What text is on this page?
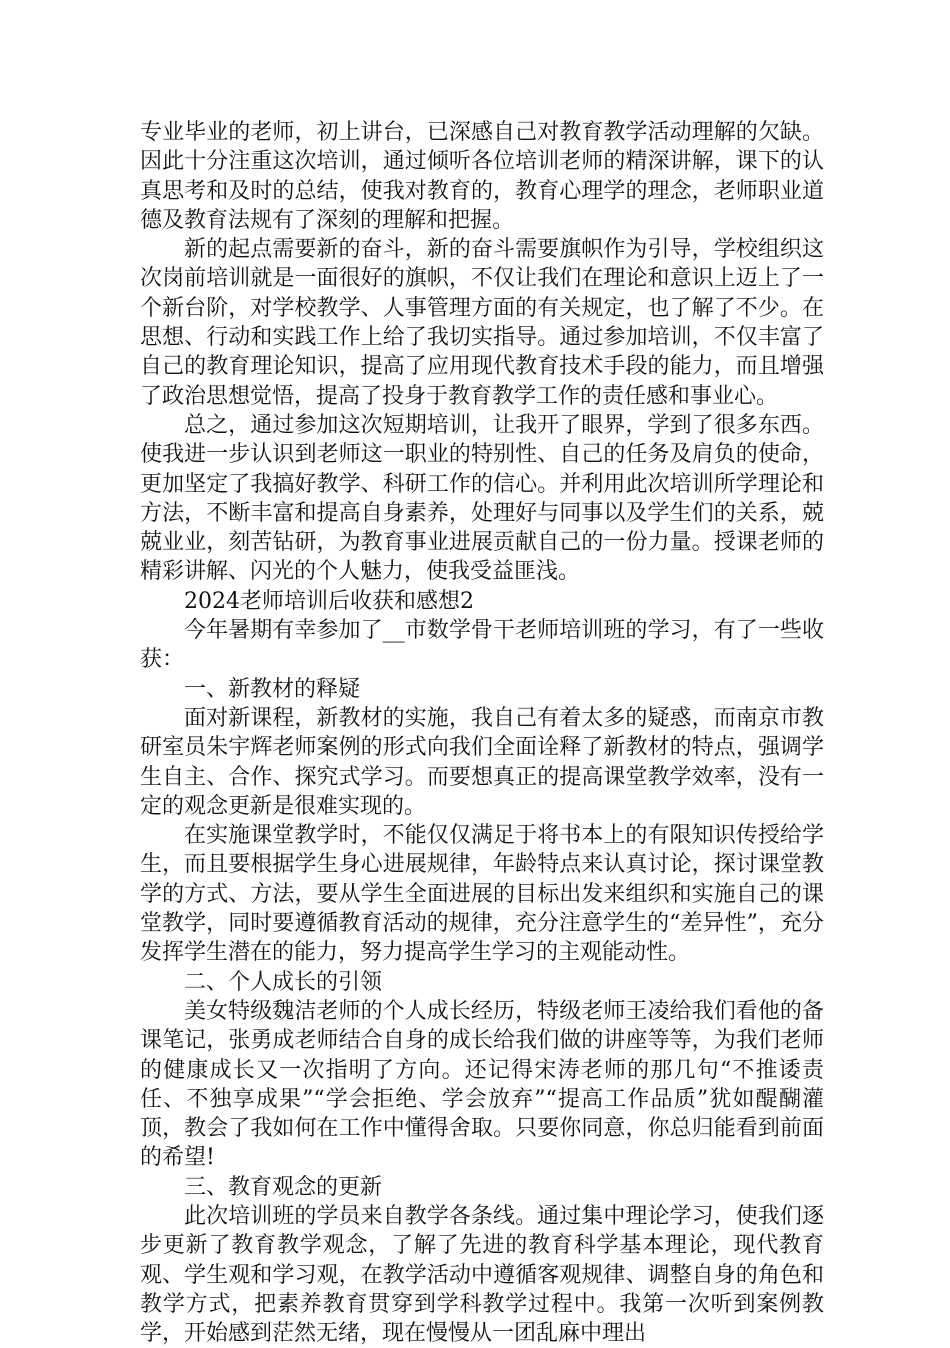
专业毕业的老师，初上讲台，已深感自己对教育教学活动理解的欠缺。因此十分注重这次培训，通过倾听各位培训老师的精深讲解，课下的认真思考和及时的总结，使我对教育的，教育心理学的理念，老师职业道德及教育法规有了深刻的理解和把握。

新的起点需要新的奋斗，新的奋斗需要旗帜作为引导，学校组织这次岗前培训就是一面很好的旗帜，不仅让我们在理论和意识上迈上了一个新台阶，对学校教学、人事管理方面的有关规定，也了解了不少。在思想、行动和实践工作上给了我切实指导。通过参加培训，不仅丰富了自己的教育理论知识，提高了应用现代教育技术手段的能力，而且增强了政治思想觉悟，提高了投身于教育教学工作的责任感和事业心。

总之，通过参加这次短期培训，让我开了眼界，学到了很多东西。使我进一步认识到老师这一职业的特别性、自己的任务及肩负的使命，更加坚定了我搞好教学、科研工作的信心。并利用此次培训所学理论和方法，不断丰富和提高自身素养，处理好与同事以及学生们的关系，兢兢业业，刻苦钻研，为教育事业进展贡献自己的一份力量。授课老师的精彩讲解、闪光的个人魅力，使我受益匪浅。

2024老师培训后收获和感想2

今年暑期有幸参加了__市数学骨干老师培训班的学习，有了一些收获：

一、新教材的释疑

面对新课程，新教材的实施，我自己有着太多的疑惑，而南京市教研室员朱宇辉老师案例的形式向我们全面诠释了新教材的特点，强调学生自主、合作、探究式学习。而要想真正的提高课堂教学效率，没有一定的观念更新是很难实现的。

在实施课堂教学时，不能仅仅满足于将书本上的有限知识传授给学生，而且要根据学生身心进展规律，年龄特点来认真讨论，探讨课堂教学的方式、方法，要从学生全面进展的目标出发来组织和实施自己的课堂教学，同时要遵循教育活动的规律，充分注意学生的“差异性”，充分发挥学生潜在的能力，努力提高学生学习的主观能动性。

二、个人成长的引领

美女特级魏洁老师的个人成长经历，特级老师王凌给我们看他的备课笔记，张勇成老师结合自身的成长给我们做的讲座等等，为我们老师的健康成长又一次指明了方向。还记得宋涛老师的那几句“不推诿责任、不独享成果”“学会拒绝、学会放弃”“提高工作品质”犹如醍醐灌顶，教会了我如何在工作中懂得舍取。只要你同意，你总归能看到前面的希望!

三、教育观念的更新

此次培训班的学员来自教学各条线。通过集中理论学习，使我们逐步更新了教育教学观念，了解了先进的教育科学基本理论，现代教育观、学生观和学习观，在教学活动中遵循客观规律、调整自身的角色和教学方式，把素养教育贯穿到学科教学过程中。我第一次听到案例教学，开始感到茫然无绪，现在慢慢从一团乱麻中理出
